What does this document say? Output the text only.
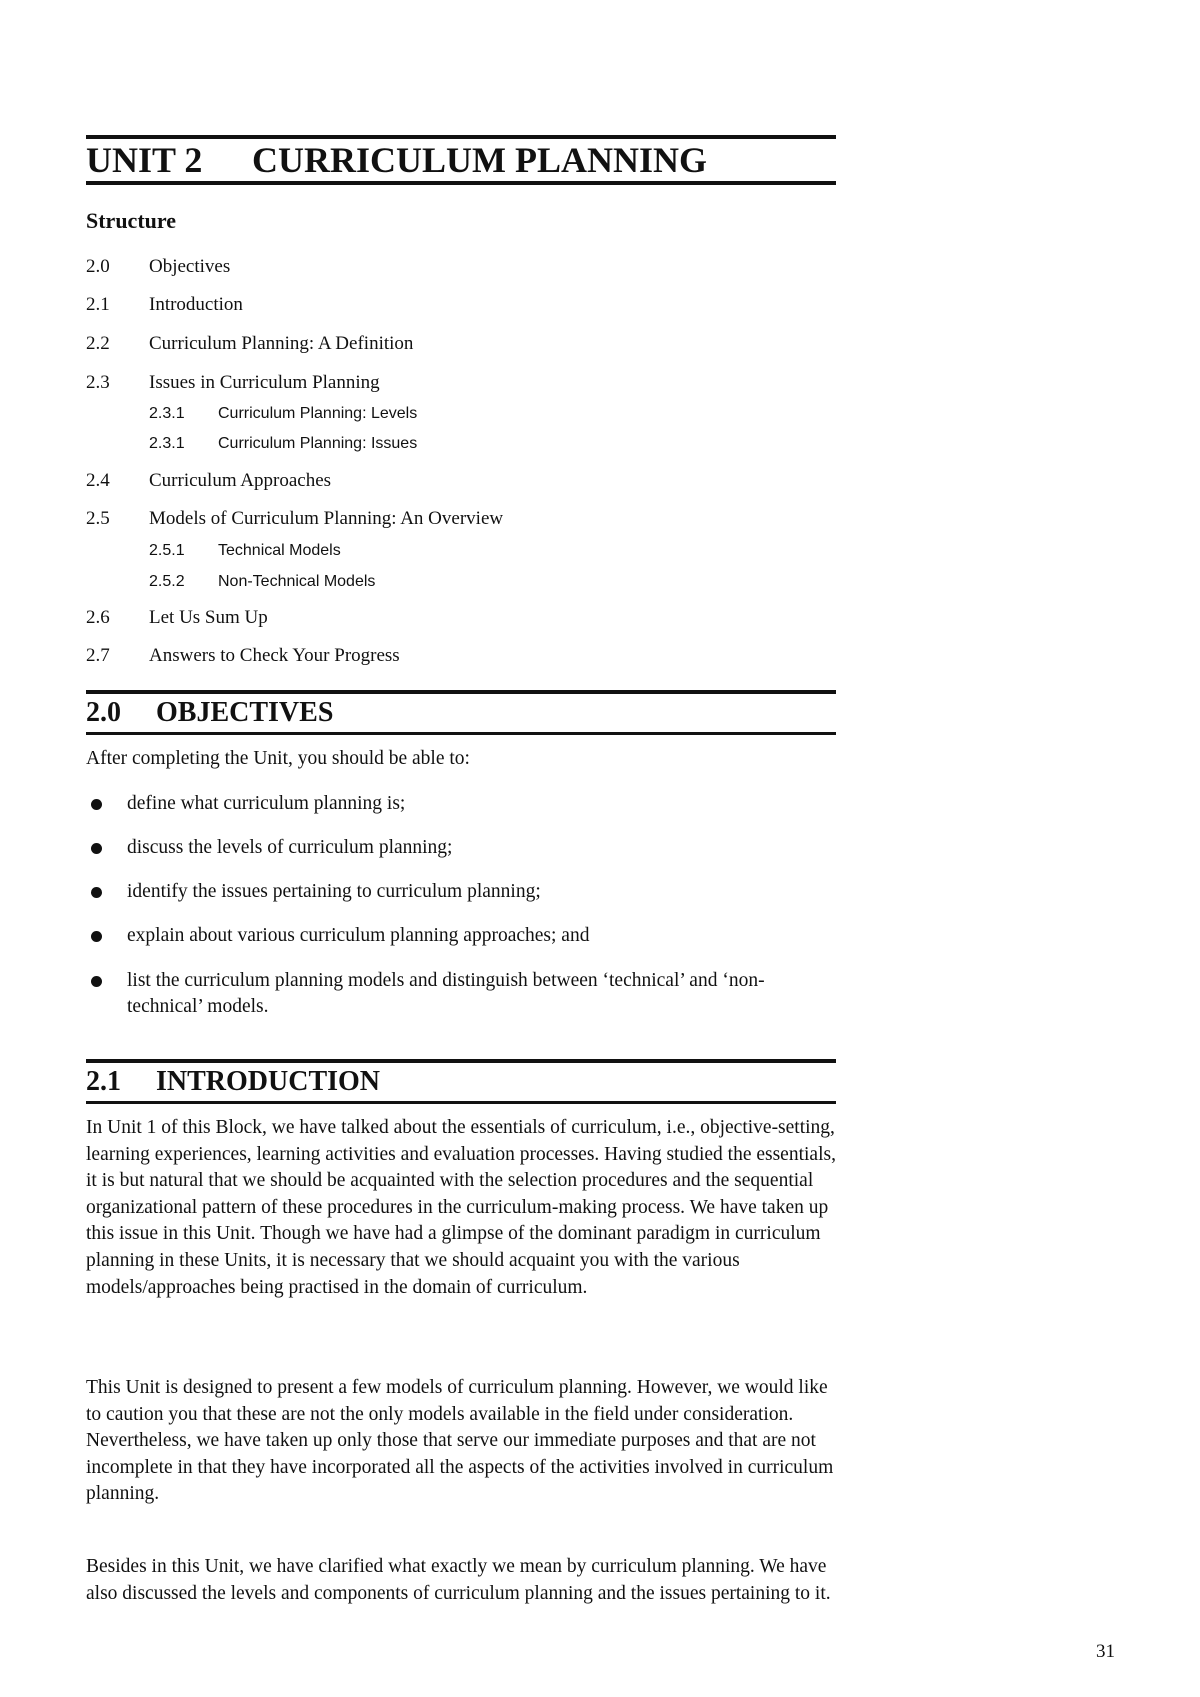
UNIT 2 CURRICULUM PLANNING
Structure
2.0 Objectives
2.1 Introduction
2.2 Curriculum Planning: A Definition
2.3 Issues in Curriculum Planning
2.3.1 Curriculum Planning: Levels
2.3.1 Curriculum Planning: Issues
2.4 Curriculum Approaches
2.5 Models of Curriculum Planning: An Overview
2.5.1 Technical Models
2.5.2 Non-Technical Models
2.6 Let Us Sum Up
2.7 Answers to Check Your Progress
2.0 OBJECTIVES
After completing the Unit, you should be able to:
define what curriculum planning is;
discuss the levels of curriculum planning;
identify the issues pertaining to curriculum planning;
explain about various curriculum planning approaches; and
list the curriculum planning models and distinguish between ‘technical’ and ‘non-technical’ models.
2.1 INTRODUCTION

In Unit 1 of this Block, we have talked about the essentials of curriculum, i.e., objective-setting, learning experiences, learning activities and evaluation processes. Having studied the essentials, it is but natural that we should be acquainted with the selection procedures and the sequential organizational pattern of these procedures in the curriculum-making process. We have taken up this issue in this Unit. Though we have had a glimpse of the dominant paradigm in curriculum planning in these Units, it is necessary that we should acquaint you with the various models/approaches being practised in the domain of curriculum.

This Unit is designed to present a few models of curriculum planning. However, we would like to caution you that these are not the only models available in the field under consideration. Nevertheless, we have taken up only those that serve our immediate purposes and that are not incomplete in that they have incorporated all the aspects of the activities involved in curriculum planning.

Besides in this Unit, we have clarified what exactly we mean by curriculum planning. We have also discussed the levels and components of curriculum planning and the issues pertaining to it.

31
